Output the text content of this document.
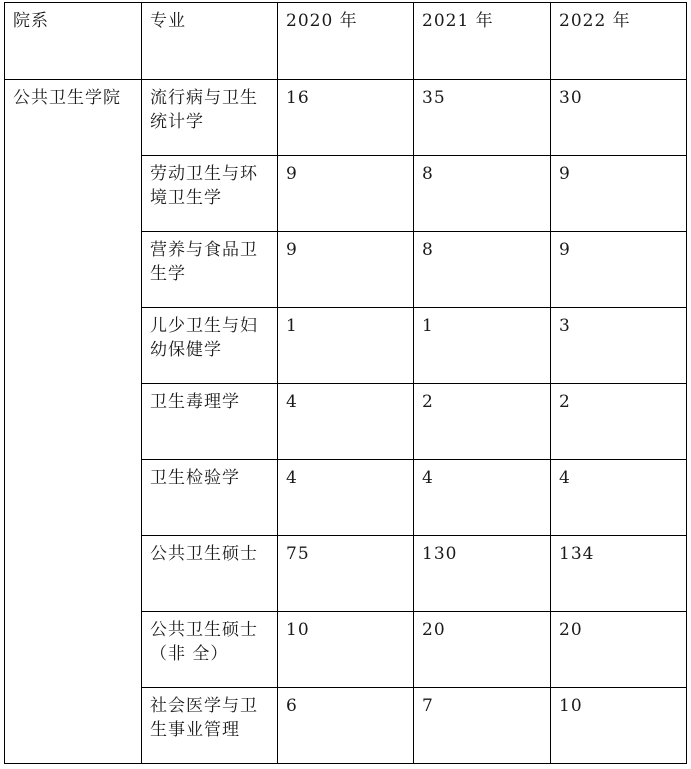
院系	专业	2020 年	2021 年	2022 年
公共卫生学院	流行病与卫生统计学	16	35	30
	劳动卫生与环境卫生学	9	8	9
	营养与食品卫生学	9	8	9
	儿少卫生与妇幼保健学	1	1	3
	卫生毒理学	4	2	2
	卫生检验学	4	4	4
	公共卫生硕士	75	130	134
	公共卫生硕士（非 全）	10	20	20
	社会医学与卫生事业管理	6	7	10
